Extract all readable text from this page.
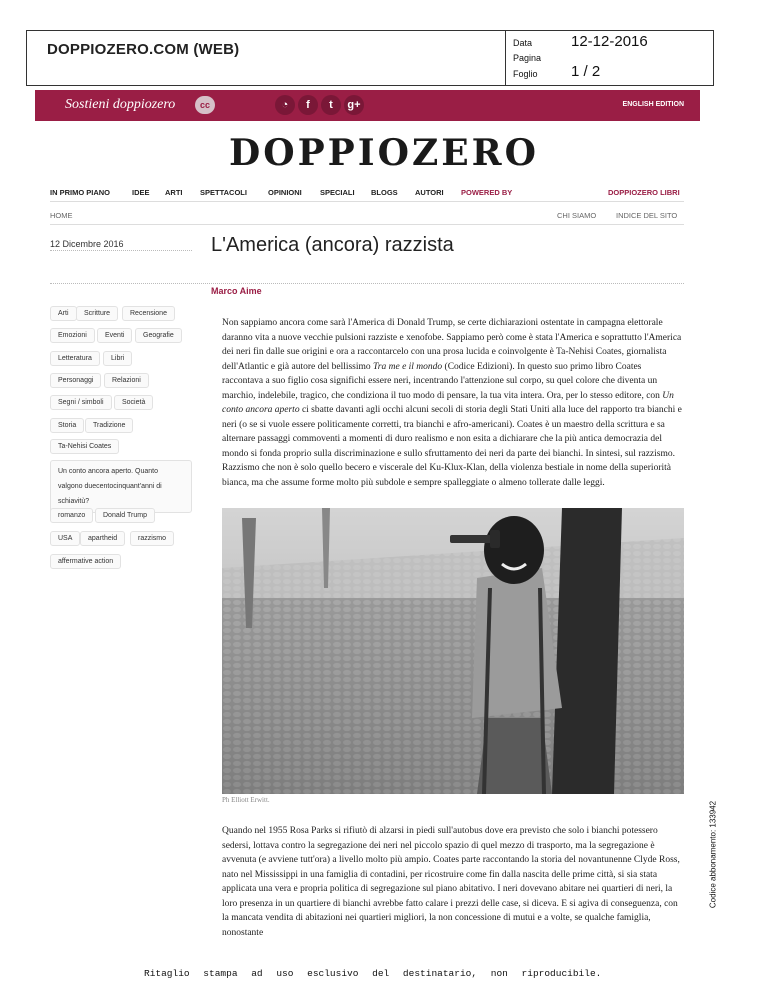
DOPPIOZERO.COM (WEB)	Data	12-12-2016
Pagina
Foglio 1 / 2
Sostieni doppiozero	cc	◔	f	t	g+	ENGLISH EDITION
DOPPIOZERO
IN PRIMO PIANO	IDEE ARTI SPETTACOLI	OPINIONI SPECIALI BLOGS AUTORI POWERED BY	DOPPIOZERO LIBRI
HOME	CHI SIAMO	INDICE DEL SITO
12 Dicembre 2016	L'America (ancora) razzista
Marco Aime
Arti	Scritture	Recensione
Emozioni	Eventi	Geografie
Letteratura	Libri
Personaggi	Relazioni
Segni / simboli	Società
Storia	Tradizione
Ta-Nehisi Coates
Un conto ancora aperto. Quanto valgono duecentocinquant'anni di schiavitù?
romanzo	Donald Trump
USA	apartheid	razzismo
affermative action
Non sappiamo ancora come sarà l'America di Donald Trump, se certe dichiarazioni ostentate in campagna elettorale daranno vita a nuove vecchie pulsioni razziste e xenofobe. Sappiamo però come è stata l'America e soprattutto l'America dei neri fin dalle sue origini e ora a raccontarcelo con una prosa lucida e coinvolgente è Ta-Nehisi Coates, giornalista dell'Atlantic e già autore del bellissimo Tra me e il mondo (Codice Edizioni). In questo suo primo libro Coates raccontava a suo figlio cosa significhi essere neri, incentrando l'attenzione sul corpo, su quel colore che diventa un marchio, indelebile, tragico, che condiziona il tuo modo di pensare, la tua vita intera. Ora, per lo stesso editore, con Un conto ancora aperto ci sbatte davanti agli occhi alcuni secoli di storia degli Stati Uniti alla luce del rapporto tra bianchi e neri (o se si vuole essere politicamente corretti, tra bianchi e afro-americani). Coates è un maestro della scrittura e sa alternare passaggi commoventi a momenti di duro realismo e non esita a dichiarare che la più antica democrazia del mondo si fonda proprio sulla discriminazione e sullo sfruttamento dei neri da parte dei bianchi. In sintesi, sul razzismo. Razzismo che non è solo quello becero e viscerale del Ku-Klux-Klan, della violenza bestiale in nome della superiorità bianca, ma che assume forme molto più subdole e sempre spalleggiate o almeno tollerate dalle leggi.
Ph Elliott Erwitt.
Quando nel 1955 Rosa Parks si rifiutò di alzarsi in piedi sull'autobus dove era previsto che solo i bianchi potessero sedersi, lottava contro la segregazione dei neri nel piccolo spazio di quel mezzo di trasporto, ma la segregazione è avvenuta (e avviene tutt'ora) a livello molto più ampio. Coates parte raccontando la storia del novantunenne Clyde Ross, nato nel Mississippi in una famiglia di contadini, per ricostruire come fin dalla nascita delle prime città, si sia stata applicata una vera e propria politica di segregazione sul piano abitativo. I neri dovevano abitare nei quartieri di neri, la loro presenza in un quartiere di bianchi avrebbe fatto calare i prezzi delle case, si diceva. E si agiva di conseguenza, con la mancata vendita di abitazioni nei quartieri migliori, la non concessione di mutui e a volte, se qualche famiglia, nonostante
Codice abbonamento: 133942
Ritaglio stampa ad uso esclusivo del destinatario, non riproducibile.
